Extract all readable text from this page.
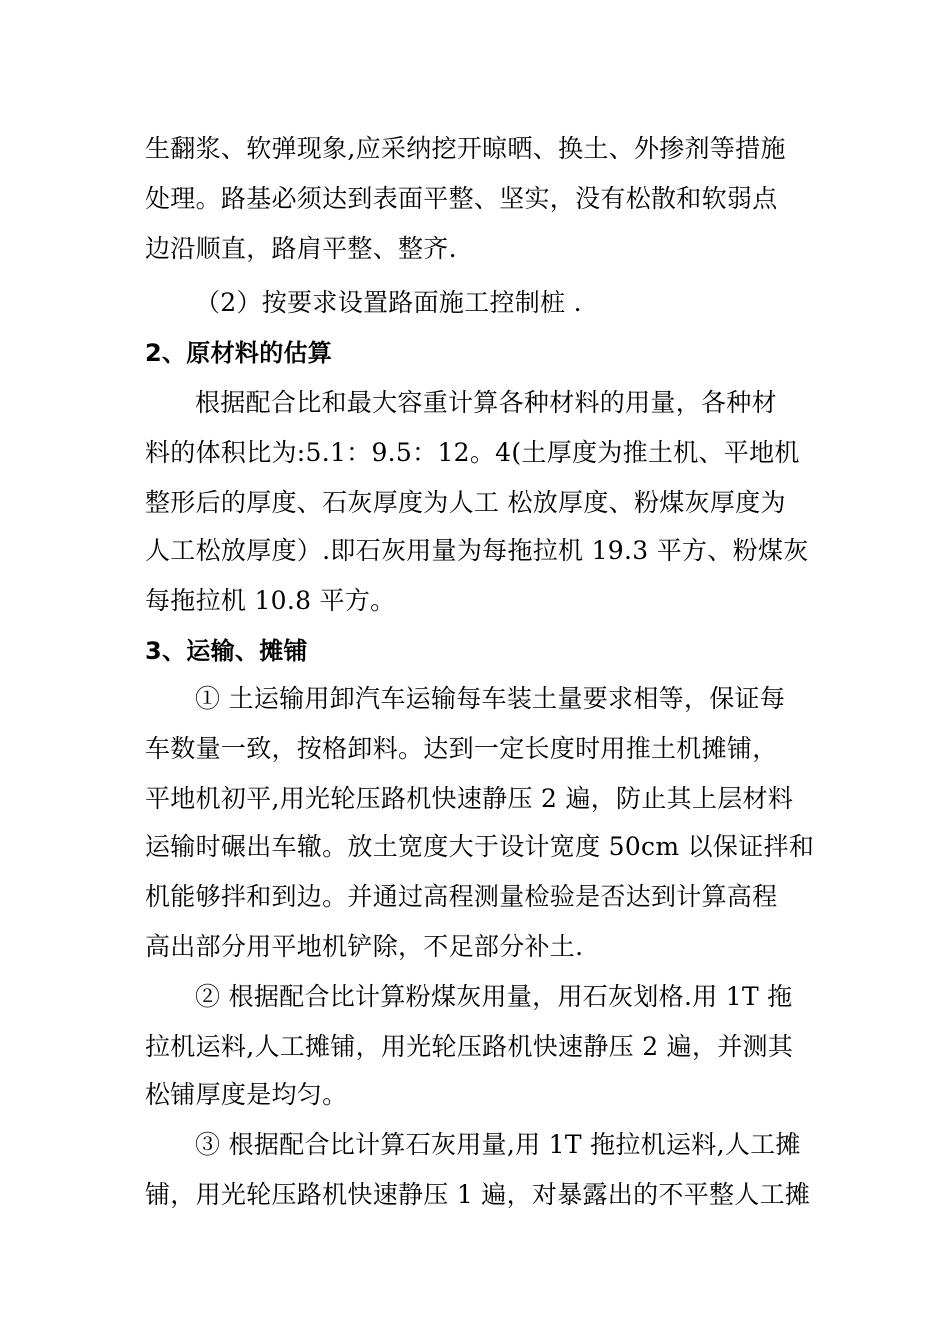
生翻浆、软弹现象,应采纳挖开晾晒、换土、外掺剂等措施
处理。路基必须达到表面平整、坚实，没有松散和软弱点
边沿顺直，路肩平整、整齐.
（2）按要求设置路面施工控制桩 .
2、原材料的估算
根据配合比和最大容重计算各种材料的用量，各种材
料的体积比为:5.1：9.5：12。4(土厚度为推土机、平地机
整形后的厚度、石灰厚度为人工 松放厚度、粉煤灰厚度为
人工松放厚度）.即石灰用量为每拖拉机 19.3 平方、粉煤灰
每拖拉机 10.8 平方。
3、运输、摊铺
① 土运输用卸汽车运输每车装土量要求相等，保证每
车数量一致，按格卸料。达到一定长度时用推土机摊铺，
平地机初平,用光轮压路机快速静压 2 遍，防止其上层材料
运输时碾出车辙。放土宽度大于设计宽度 50cm 以保证拌和
机能够拌和到边。并通过高程测量检验是否达到计算高程
高出部分用平地机铲除，不足部分补土.
② 根据配合比计算粉煤灰用量，用石灰划格.用 1T 拖
拉机运料,人工摊铺，用光轮压路机快速静压 2 遍，并测其
松铺厚度是均匀。
③ 根据配合比计算石灰用量,用 1T 拖拉机运料,人工摊
铺，用光轮压路机快速静压 1 遍，对暴露出的不平整人工摊
